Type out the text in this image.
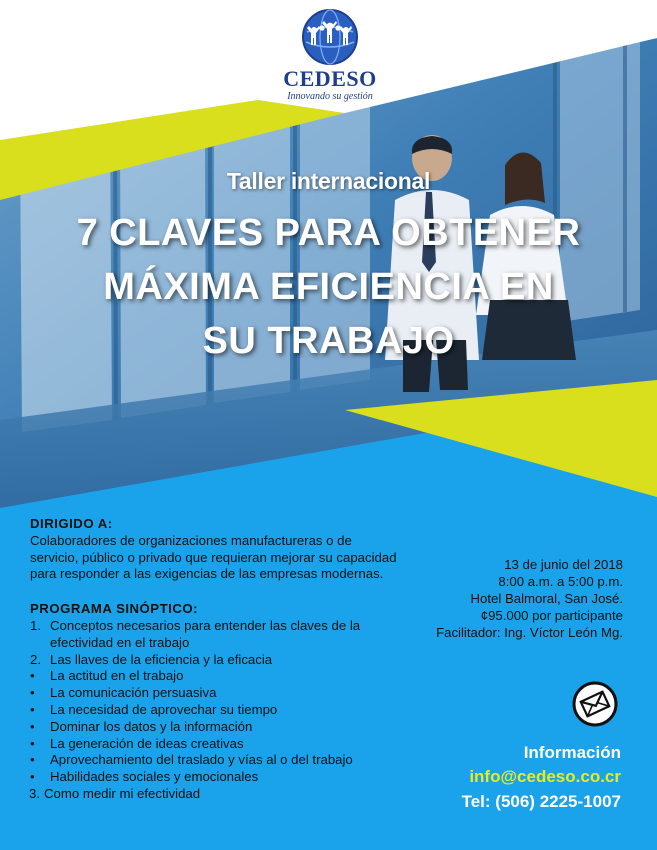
CEDESO
Innovando su gestión
Taller internacional
7 CLAVES PARA OBTENER
MÁXIMA EFICIENCIA EN
SU TRABAJO
DIRIGIDO A:

Colaboradores de organizaciones manufactureras o de servicio, público o privado que requieran mejorar su capacidad para responder a las exigencias de las empresas modernas.

PROGRAMA SINÓPTICO:
1. Conceptos necesarios para entender las claves de la efectividad en el trabajo
2. Las llaves de la eficiencia y la eficacia
•	La actitud en el trabajo
•	La comunicación persuasiva
•	La necesidad de aprovechar su tiempo
•	Dominar los datos y la información
•	La generación de ideas creativas
•	Aprovechamiento del traslado y vías al o del trabajo
•	Habilidades sociales y emocionales
3. Como medir mi efectividad
13 de junio del 2018
8:00 a.m. a 5:00 p.m.
Hotel Balmoral, San José.
¢95.000 por participante
Facilitador: Ing. Víctor León Mg.
Información
info@cedeso.co.cr
Tel: (506) 2225-1007
